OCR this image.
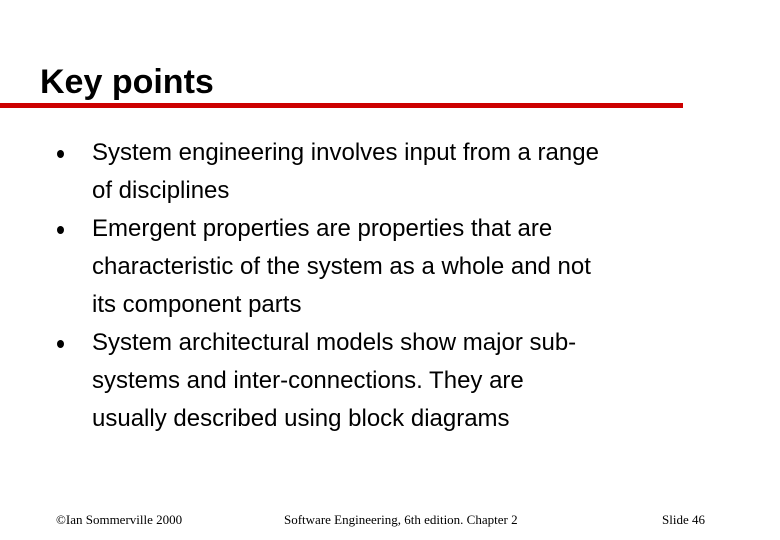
Key points
System engineering involves input from a range
of disciplines
Emergent properties are properties that are
characteristic of the system as a whole and not
its component parts
System architectural models show major sub-
systems and inter-connections. They are
usually described using block diagrams
©Ian Sommerville 2000	Software Engineering, 6th edition. Chapter 2	Slide 46
